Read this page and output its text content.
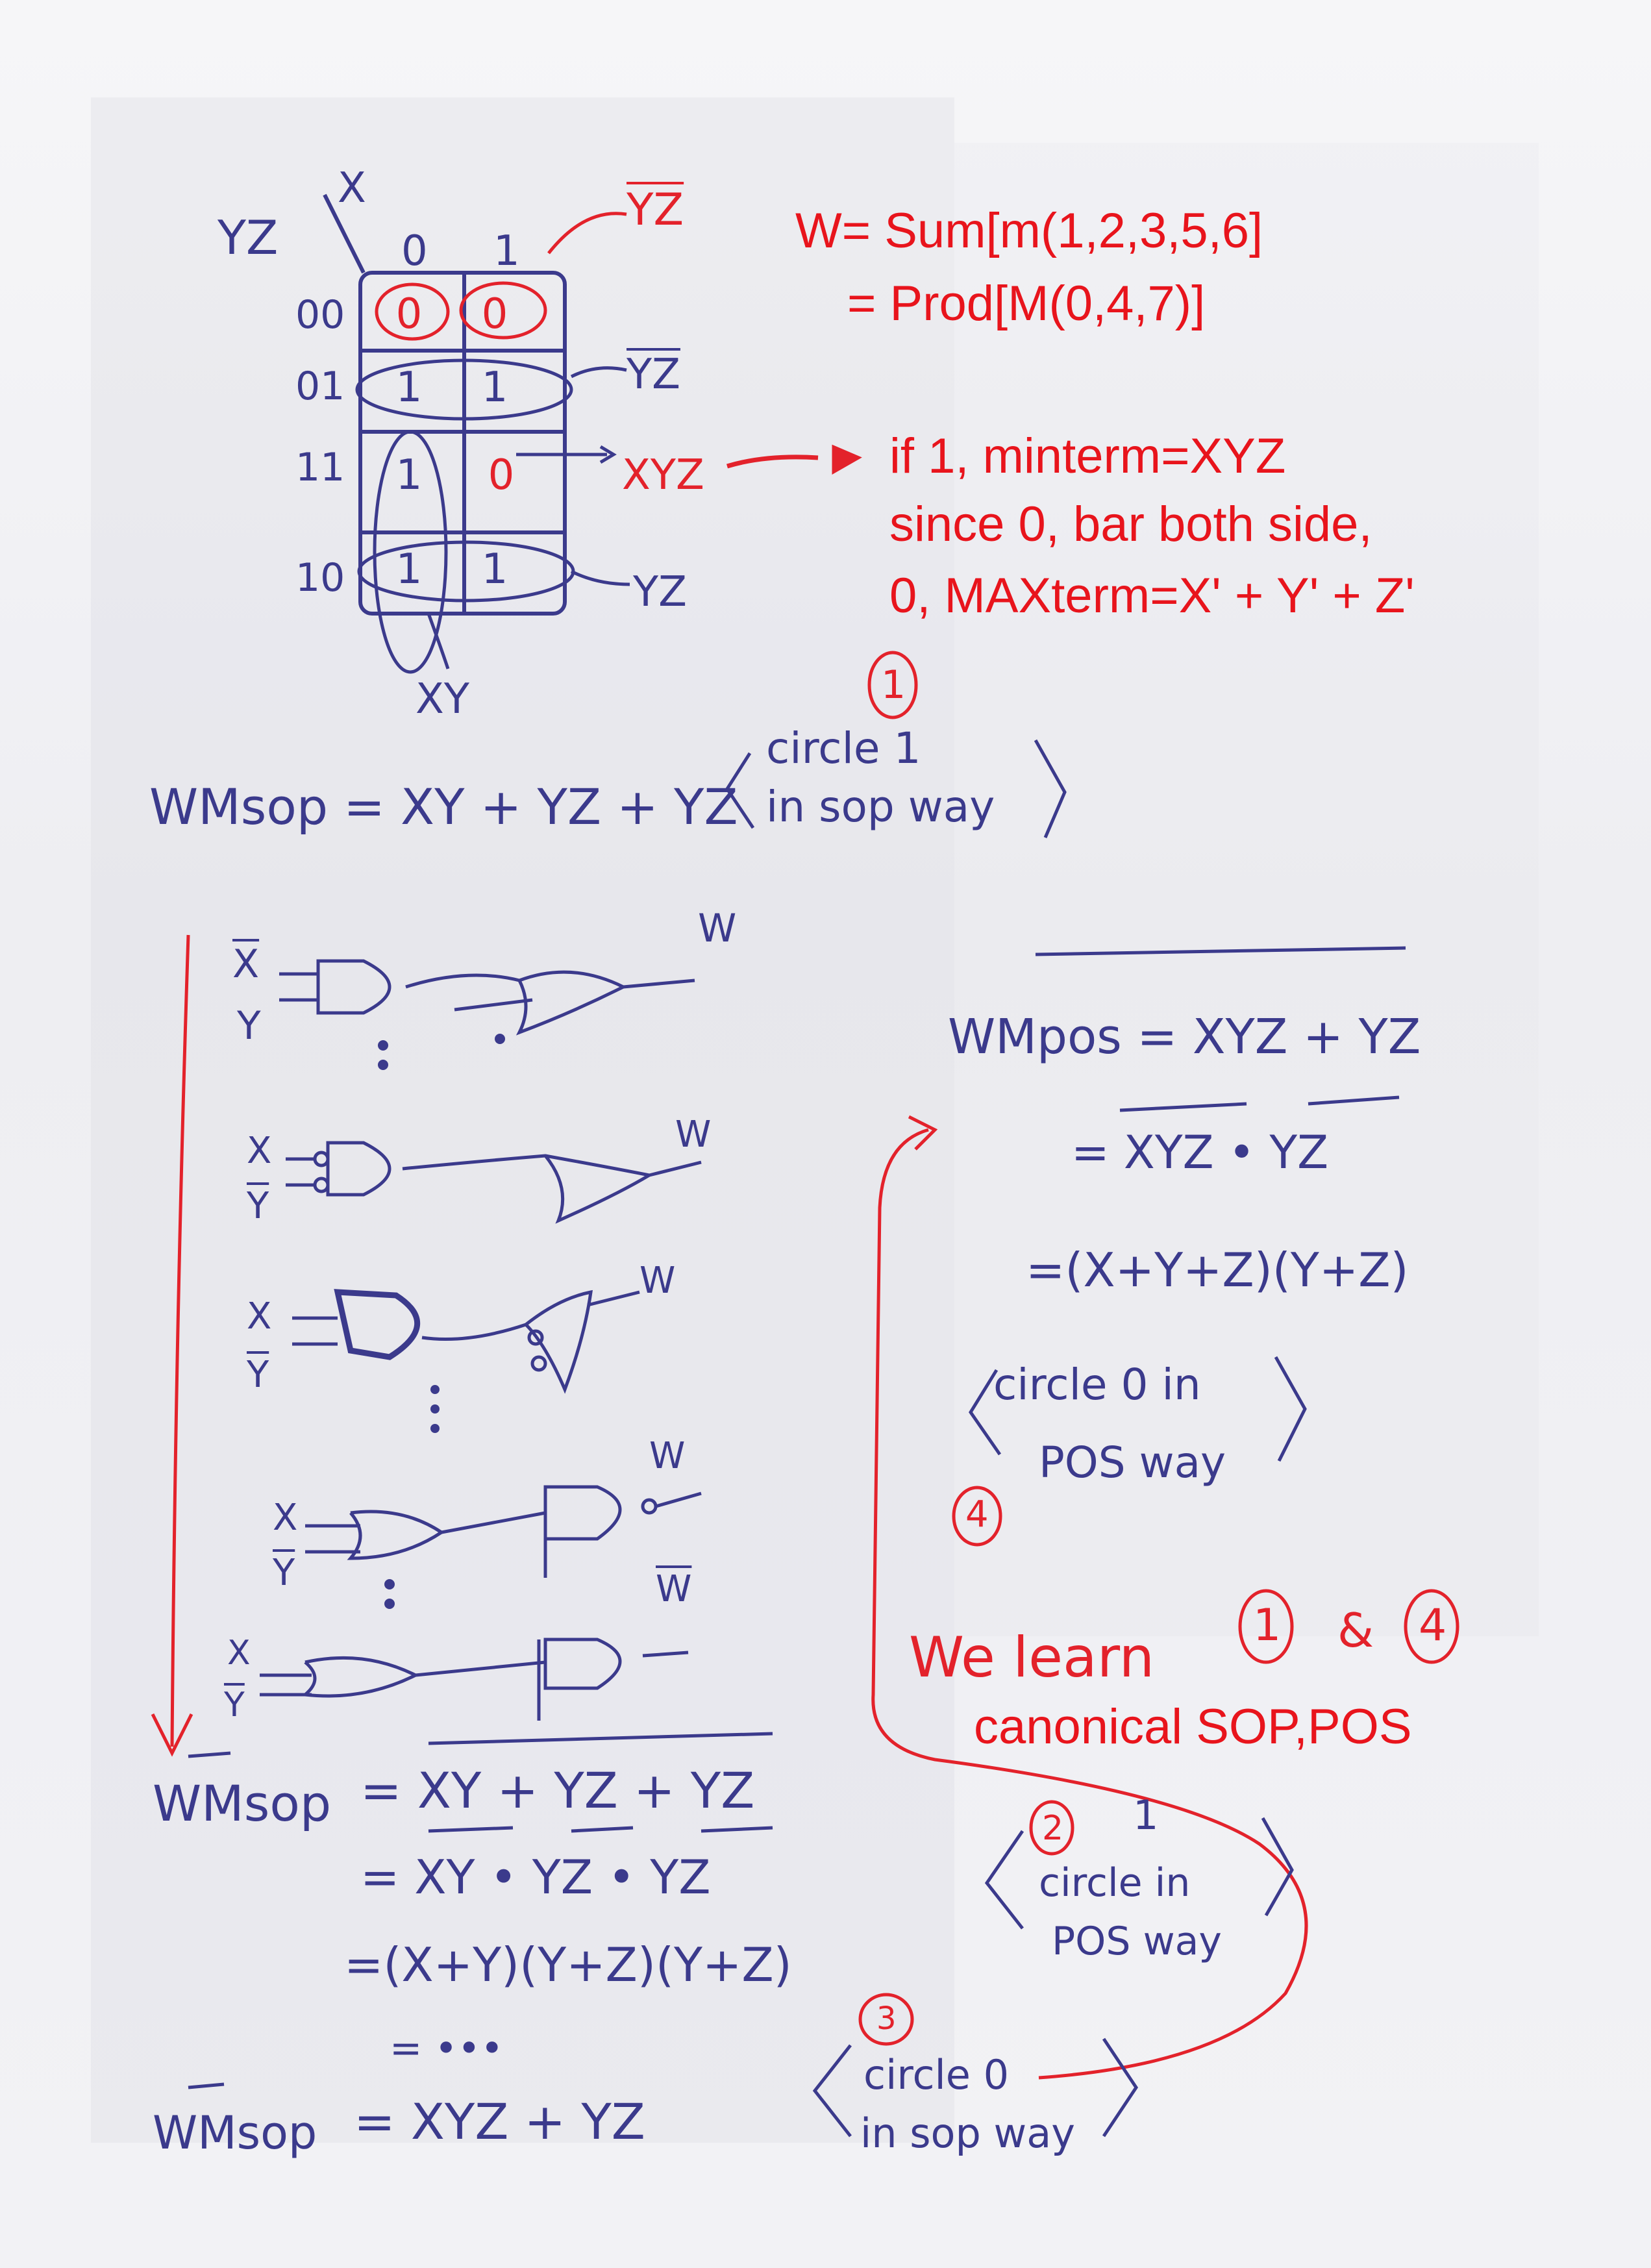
YZ
X
0 1
00
01
11
10
0 0
1 1
1 0
1 1
$\overline{YZ}$
$\overline{YZ}$
XYZ
YZ
XY
W= Sum[m(1,2,3,5,6]
= Prod[M(0,4,7)]
if 1, minterm=XYZ
since 0, bar both side,
0, MAXterm=X' + Y' + Z'
canonical SOP,POS
WMsop = XY + YZ + YZ
circle 1
in sop way
1
$\overline{X}$
Y
W
X
$\overline{Y}$
W
X
$\overline{Y}$
W
X
$\overline{Y}$
W
$\overline{W}$
X
$\overline{Y}$
WMpos = XYZ + YZ
= XYZ • YZ
=(X+Y+Z)(Y+Z)
circle 0 in
POS way
4
We learn 1 & 4
WMsop = XY + YZ + YZ
= XY • YZ • YZ
=(X+Y)(Y+Z)(Y+Z)
= •••
WMsop = XYZ + YZ
2 1
circle in
POS way
3
circle 0
in sop way
